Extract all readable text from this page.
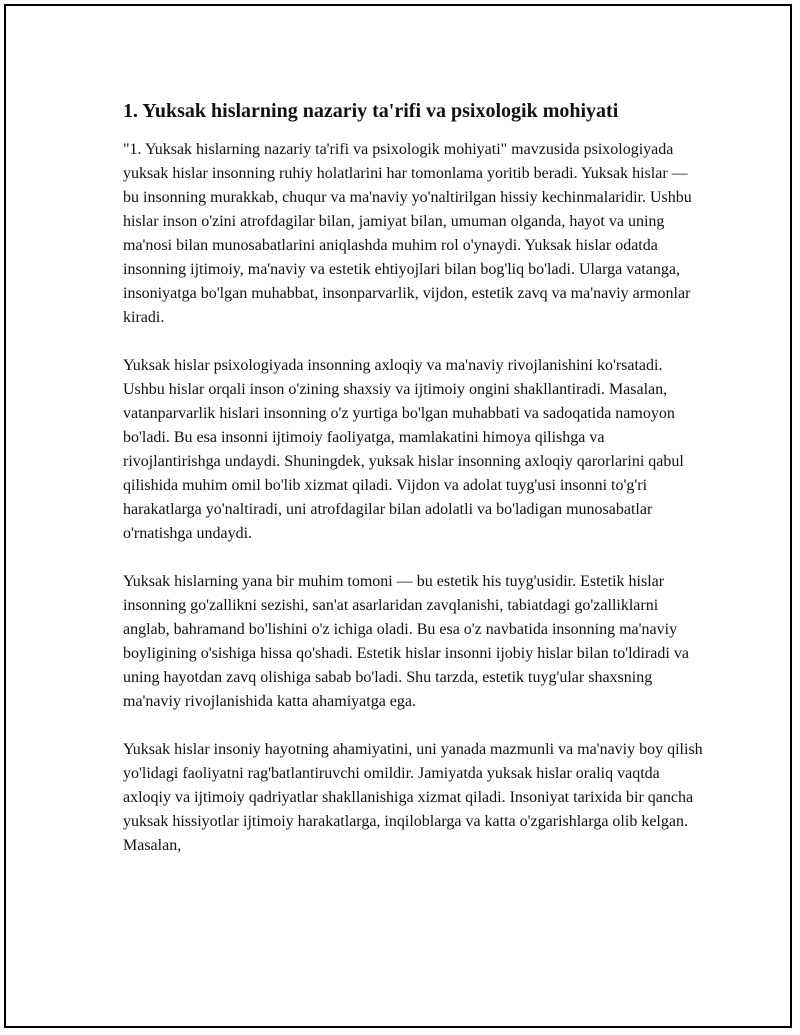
1. Yuksak hislarning nazariy ta'rifi va psixologik mohiyati

"1. Yuksak hislarning nazariy ta'rifi va psixologik mohiyati" mavzusida psixologiyada yuksak hislar insonning ruhiy holatlarini har tomonlama yoritib beradi. Yuksak hislar — bu insonning murakkab, chuqur va ma'naviy yo'naltirilgan hissiy kechinmalaridir. Ushbu hislar inson o'zini atrofdagilar bilan, jamiyat bilan, umuman olganda, hayot va uning ma'nosi bilan munosabatlarini aniqlashda muhim rol o'ynaydi. Yuksak hislar odatda insonning ijtimoiy, ma'naviy va estetik ehtiyojlari bilan bog'liq bo'ladi. Ularga vatanga, insoniyatga bo'lgan muhabbat, insonparvarlik, vijdon, estetik zavq va ma'naviy armonlar kiradi.

Yuksak hislar psixologiyada insonning axloqiy va ma'naviy rivojlanishini ko'rsatadi. Ushbu hislar orqali inson o'zining shaxsiy va ijtimoiy ongini shakllantiradi. Masalan, vatanparvarlik hislari insonning o'z yurtiga bo'lgan muhabbati va sadoqatida namoyon bo'ladi. Bu esa insonni ijtimoiy faoliyatga, mamlakatini himoya qilishga va rivojlantirishga undaydi. Shuningdek, yuksak hislar insonning axloqiy qarorlarini qabul qilishida muhim omil bo'lib xizmat qiladi. Vijdon va adolat tuyg'usi insonni to'g'ri harakatlarga yo'naltiradi, uni atrofdagilar bilan adolatli va bo'ladigan munosabatlar o'rnatishga undaydi.

Yuksak hislarning yana bir muhim tomoni — bu estetik his tuyg'usidir. Estetik hislar insonning go'zallikni sezishi, san'at asarlaridan zavqlanishi, tabiatdagi go'zalliklarni anglab, bahramand bo'lishini o'z ichiga oladi. Bu esa o'z navbatida insonning ma'naviy boyligining o'sishiga hissa qo'shadi. Estetik hislar insonni ijobiy hislar bilan to'ldiradi va uning hayotdan zavq olishiga sabab bo'ladi. Shu tarzda, estetik tuyg'ular shaxsning ma'naviy rivojlanishida katta ahamiyatga ega.

Yuksak hislar insoniy hayotning ahamiyatini, uni yanada mazmunli va ma'naviy boy qilish yo'lidagi faoliyatni rag'batlantiruvchi omildir. Jamiyatda yuksak hislar oraliq vaqtda axloqiy va ijtimoiy qadriyatlar shakllanishiga xizmat qiladi. Insoniyat tarixida bir qancha yuksak hissiyotlar ijtimoiy harakatlarga, inqiloblarga va katta o'zgarishlarga olib kelgan. Masalan,
